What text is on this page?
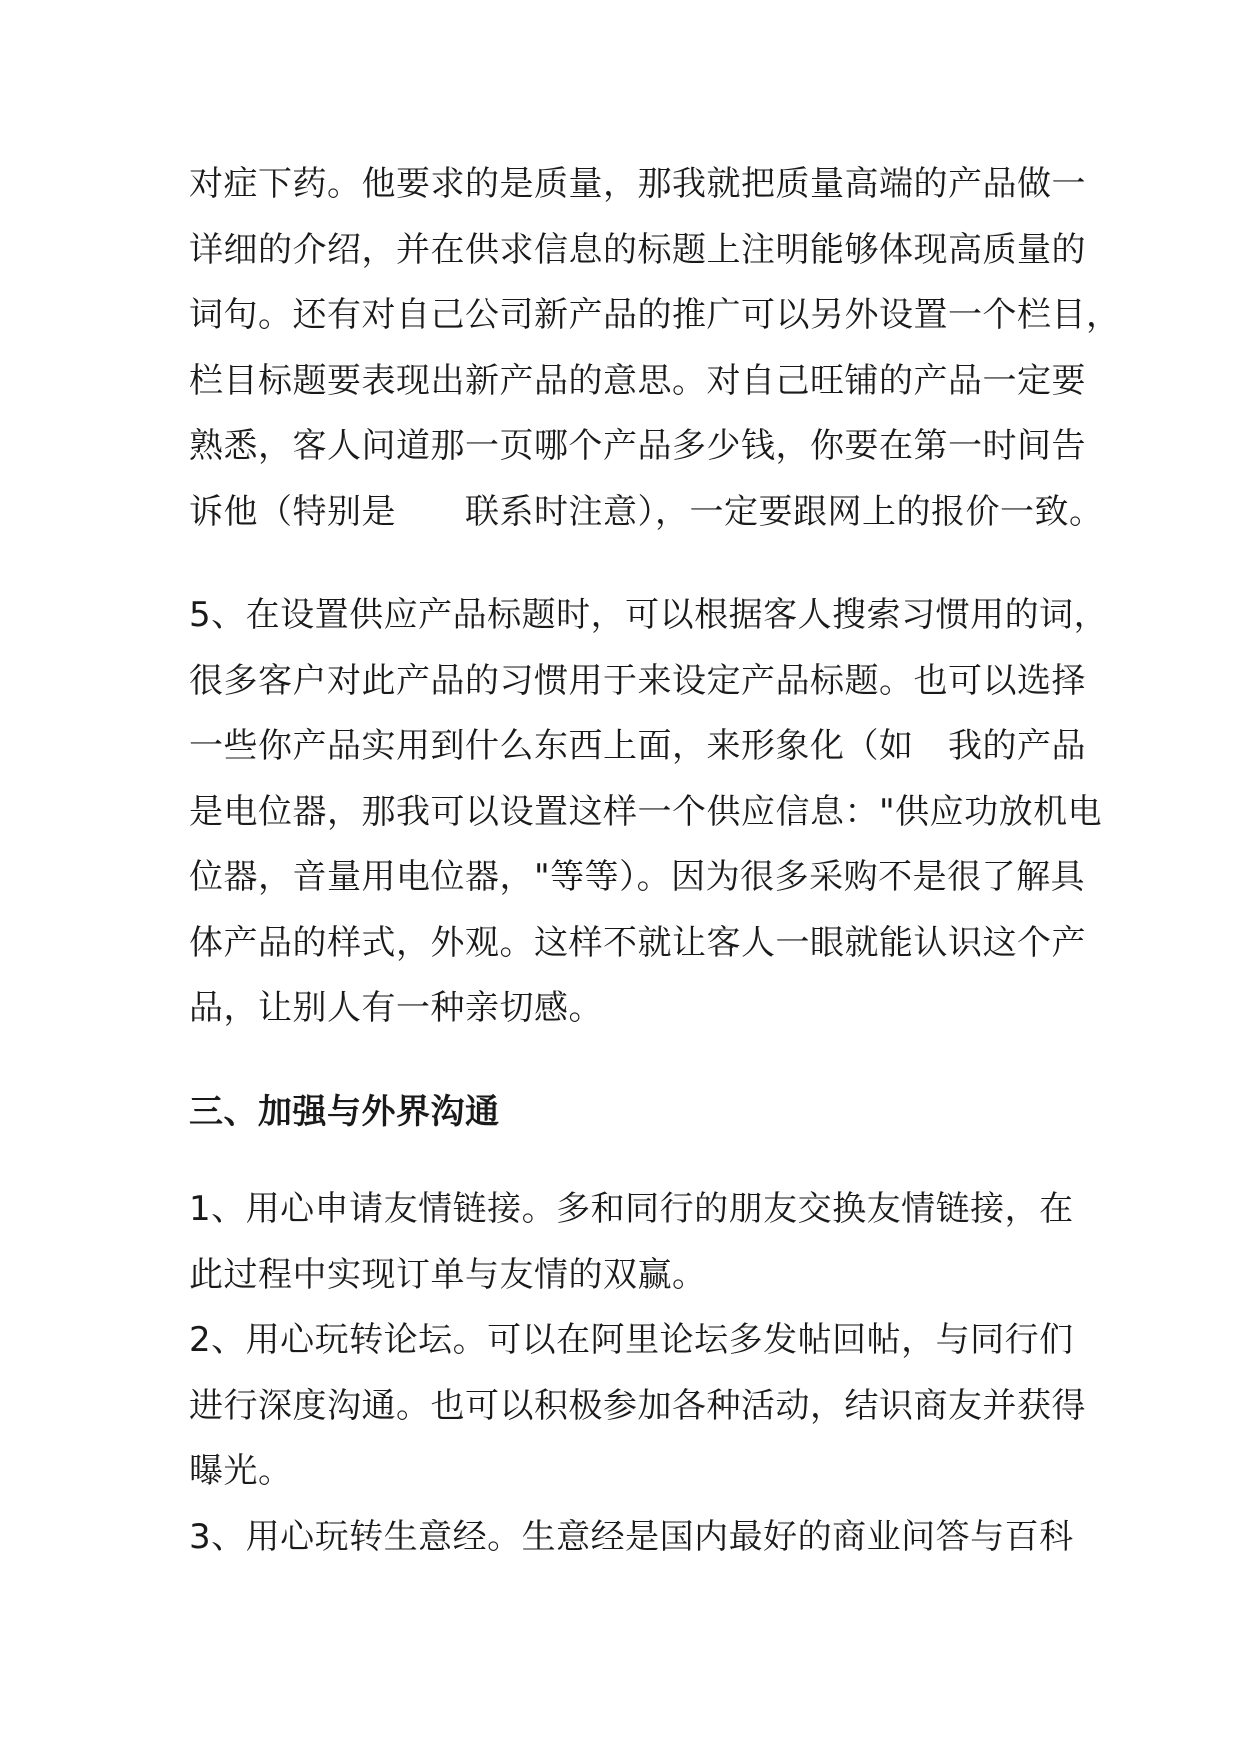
对症下药。他要求的是质量，那我就把质量高端的产品做一
详细的介绍，并在供求信息的标题上注明能够体现高质量的
词句。还有对自己公司新产品的推广可以另外设置一个栏目，
栏目标题要表现出新产品的意思。对自己旺铺的产品一定要
熟悉，客人问道那一页哪个产品多少钱，你要在第一时间告
诉他（特别是　　联系时注意），一定要跟网上的报价一致。
5、在设置供应产品标题时，可以根据客人搜索习惯用的词，
很多客户对此产品的习惯用于来设定产品标题。也可以选择
一些你产品实用到什么东西上面，来形象化（如　我的产品
是电位器，那我可以设置这样一个供应信息："供应功放机电
位器，音量用电位器，"等等）。因为很多采购不是很了解具
体产品的样式，外观。这样不就让客人一眼就能认识这个产
品，让别人有一种亲切感。
三、加强与外界沟通
1、用心申请友情链接。多和同行的朋友交换友情链接，在
此过程中实现订单与友情的双赢。
2、用心玩转论坛。可以在阿里论坛多发帖回帖，与同行们
进行深度沟通。也可以积极参加各种活动，结识商友并获得
曝光。
3、用心玩转生意经。生意经是国内最好的商业问答与百科
